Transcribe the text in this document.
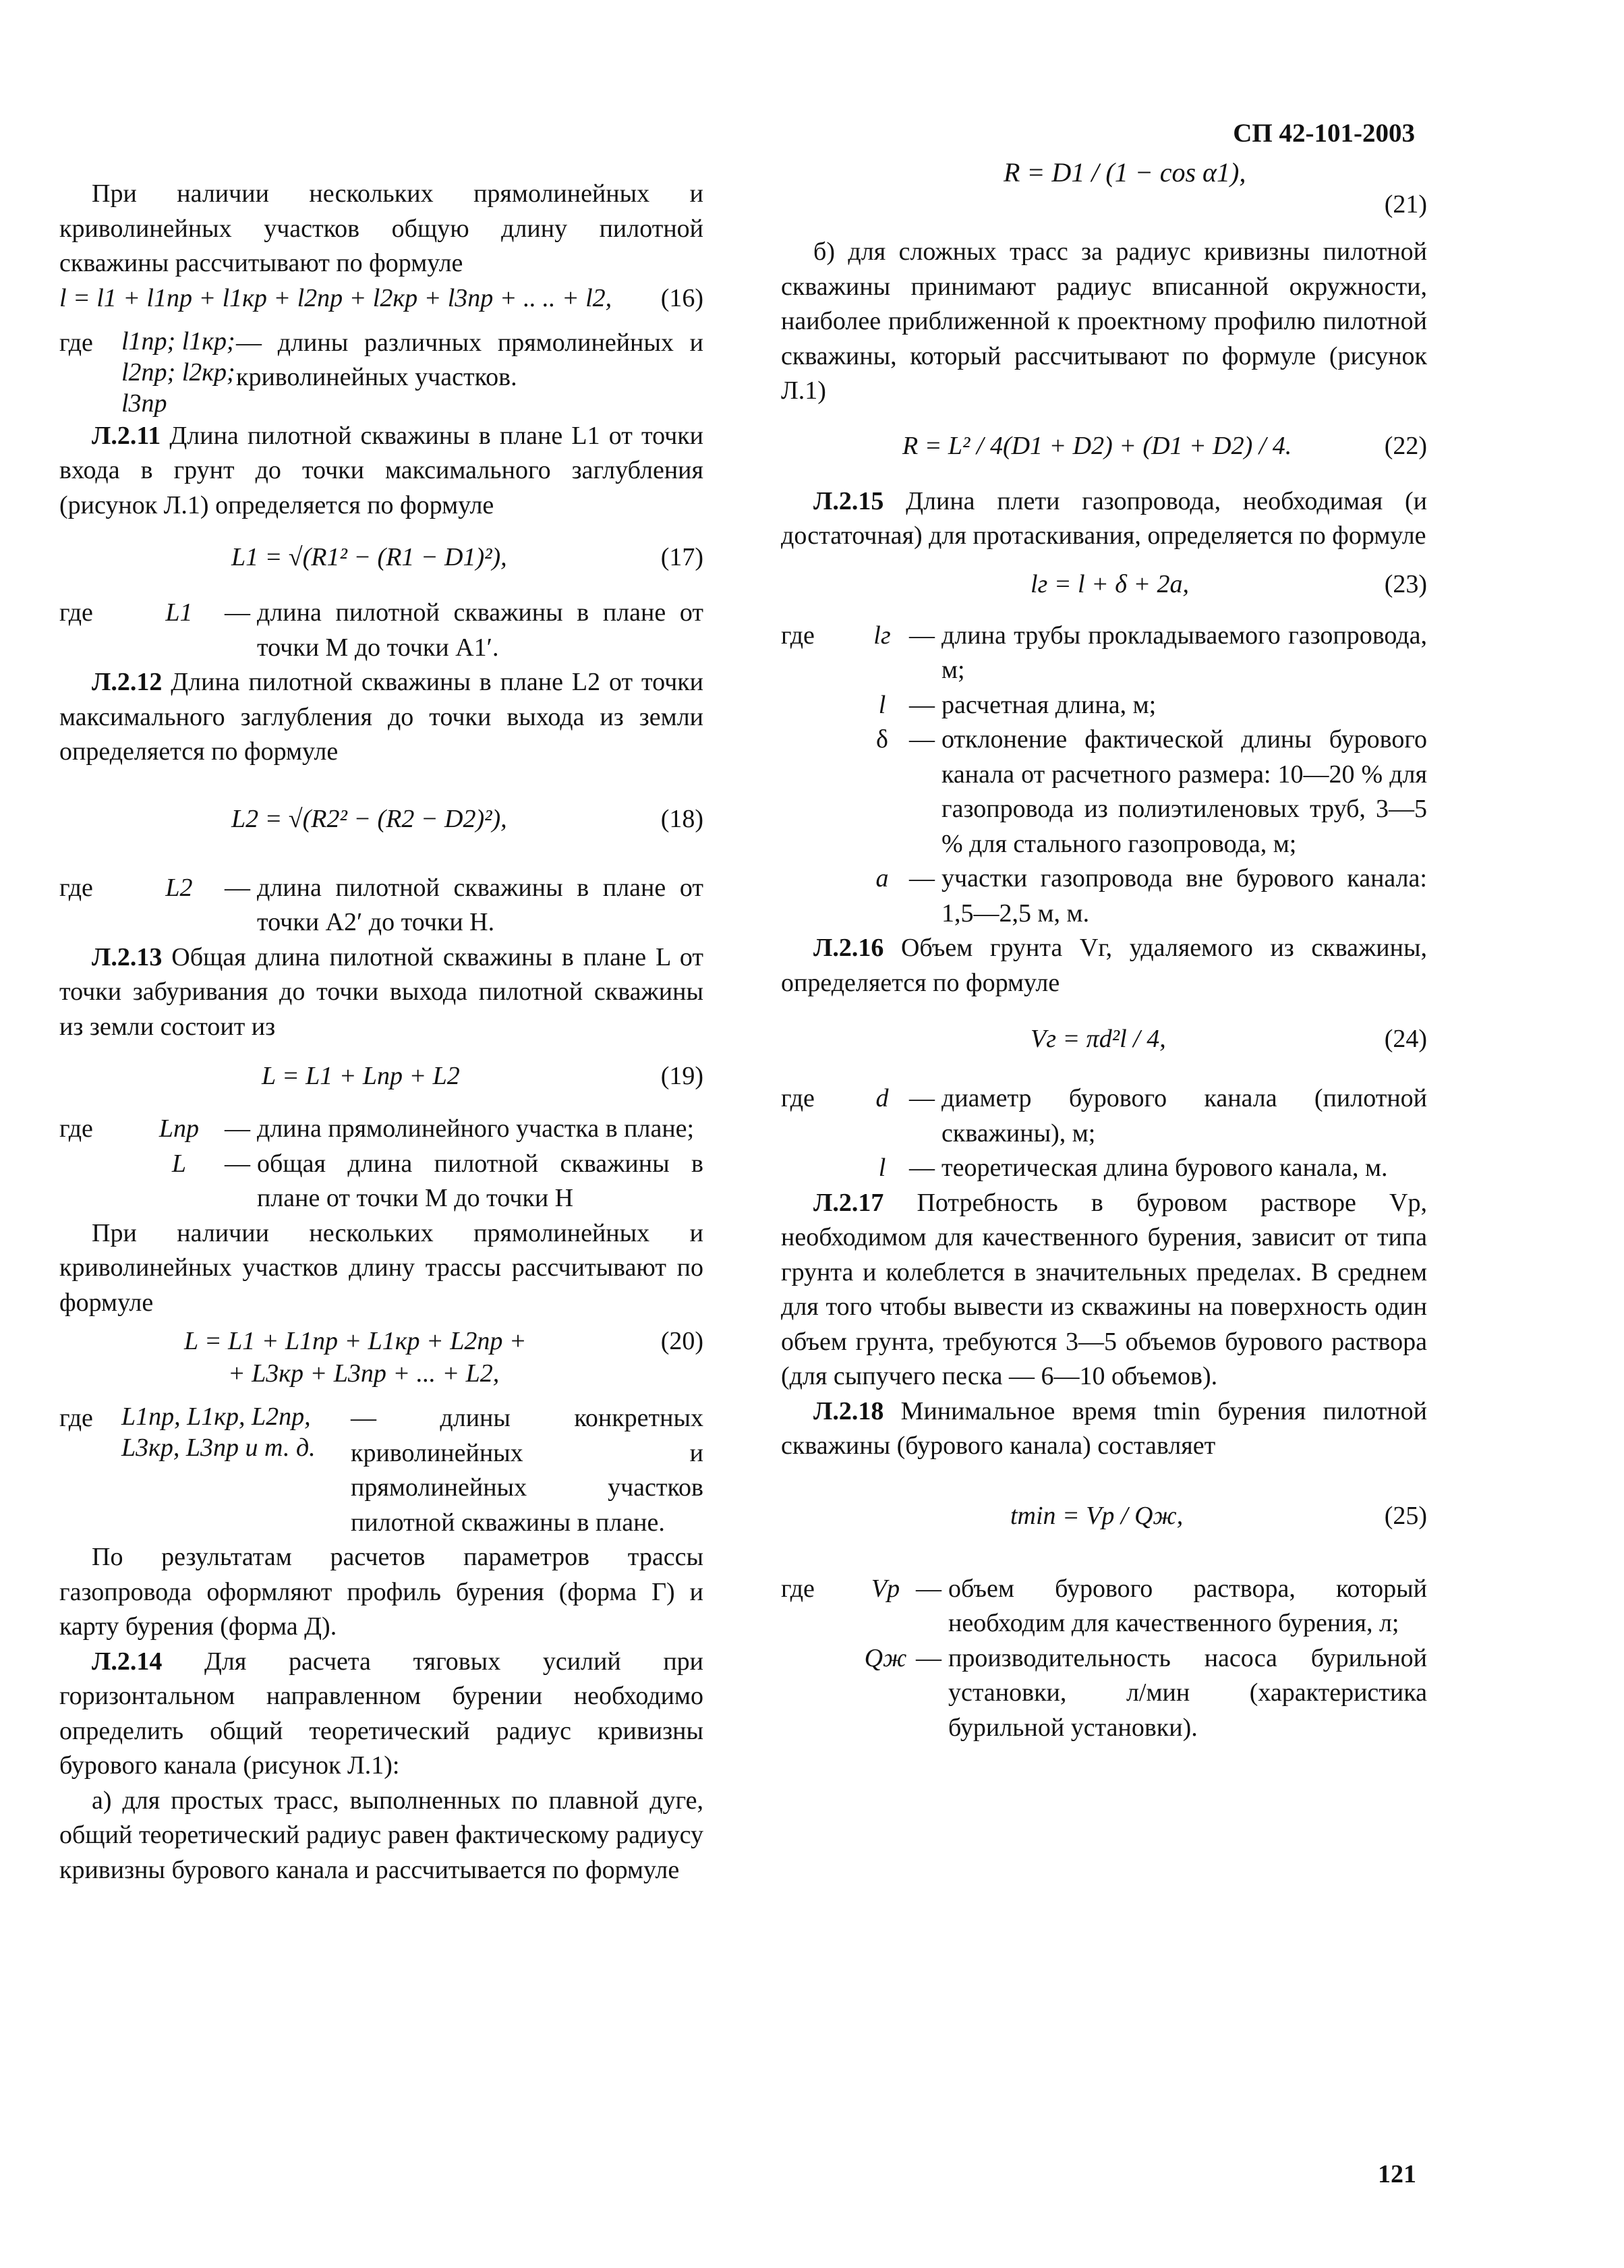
СП 42-101-2003

При наличии нескольких прямолинейных и криволинейных участков общую длину пилотной скважины рассчитывают по формуле

l = l1 + l1пр + l1кр + l2пр + l2кр + l3пр + .. .. + l2, (16)
где	l1пр; l1кр; l2пр; l2кр; l3пр
— длины различных прямолинейных и криволинейных участков.

Л.2.11 Длина пилотной скважины в плане L1 от точки входа в грунт до точки максимального заглубления (рисунок Л.1) определяется по формуле

L1 = √(R1² − (R1 − D1)²),	(17)
где	L1	— длина пилотной скважины в плане от точки М до точки A1′.

Л.2.12 Длина пилотной скважины в плане L2 от точки максимального заглубления до точки выхода из земли определяется по формуле

L2 = √(R2² − (R2 − D2)²),	(18)
где	L2	— длина пилотной скважины в плане от точки A2′ до точки H.

Л.2.13 Общая длина пилотной скважины в плане L от точки забуривания до точки выхода пилотной скважины из земли состоит из

L = L1 + Lпр + L2	(19)
где	Lпр — длина прямолинейного участка в плане;
L	— общая длина пилотной скважины в плане от точки M до точки H

При наличии нескольких прямолинейных и криволинейных участков длину трассы рассчитывают по формуле

L = L1 + L1пр + L1кр + L2пр +
+ L3кр + L3пр + ... + L2,
(20)
где	L1пр, L1кр, L2пр, L3кр, L3пр и т. д.
— длины конкретных криволинейных и прямолинейных участков пилотной скважины в плане.

По результатам расчетов параметров трассы газопровода оформляют профиль бурения (форма Г) и карту бурения (форма Д).

Л.2.14 Для расчета тяговых усилий при горизонтальном направленном бурении необходимо определить общий теоретический радиус кривизны бурового канала (рисунок Л.1):

а) для простых трасс, выполненных по плавной дуге, общий теоретический радиус равен фактическому радиусу кривизны бурового канала и рассчитывается по формуле

R = D1 / (1 − cos α1),
(21)

б) для сложных трасс за радиус кривизны пилотной скважины принимают радиус вписанной окружности, наиболее приближенной к проектному профилю пилотной скважины, который рассчитывают по формуле (рисунок Л.1)

R = L² / 4(D1 + D2) + (D1 + D2) / 4.	(22)

Л.2.15 Длина плети газопровода, необходимая (и достаточная) для протаскивания, определяется по формуле

lг = l + δ + 2a,	(23)
где	lг — длина трубы прокладываемого газопровода, м;
l — расчетная длина, м;
δ — отклонение фактической длины бурового канала от расчетного размера: 10—20 % для газопровода из полиэтиленовых труб, 3—5 % для стального газопровода, м;
a — участки газопровода вне бурового канала: 1,5—2,5 м, м.

Л.2.16 Объем грунта Vг, удаляемого из скважины, определяется по формуле

Vг = πd²l / 4,	(24)
где	d — диаметр бурового канала (пилотной скважины), м;
l — теоретическая длина бурового канала, м.

Л.2.17 Потребность в буровом растворе Vр, необходимом для качественного бурения, зависит от типа грунта и колеблется в значительных пределах. В среднем для того чтобы вывести из скважины на поверхность один объем грунта, требуются 3—5 объемов бурового раствора (для сыпучего песка — 6—10 объемов).

Л.2.18 Минимальное время tmin бурения пилотной скважины (бурового канала) составляет

tmin = Vр / Qж,	(25)
где	Vр — объем бурового раствора, который необходим для качественного бурения, л;
Qж — производительность насоса бурильной установки, л/мин (характеристика бурильной установки).
121
